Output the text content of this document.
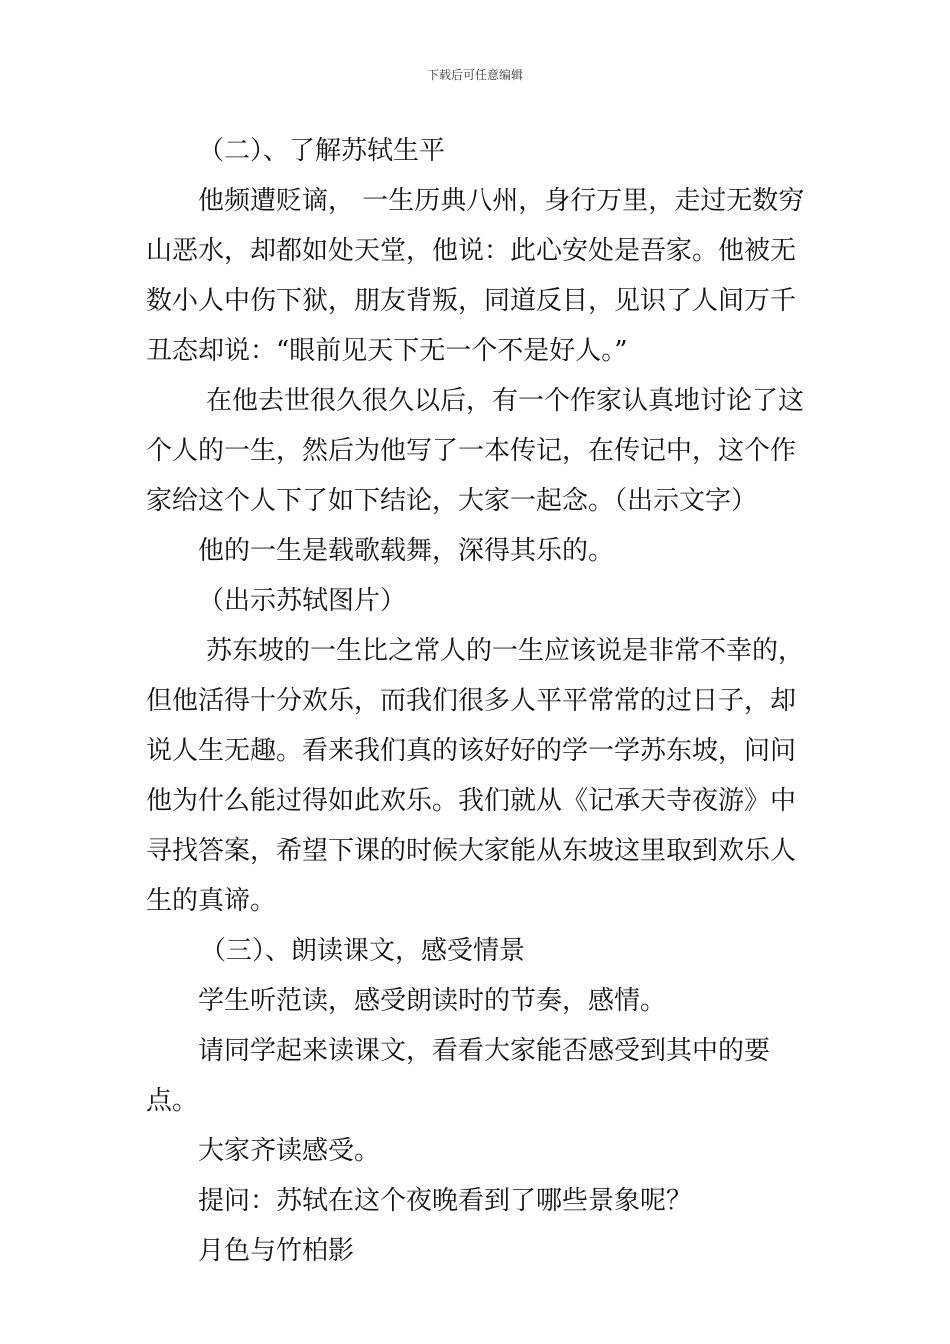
下载后可任意编辑

（二）、了解苏轼生平

他频遭贬谪， 一生历典八州，身行万里，走过无数穷山恶水，却都如处天堂，他说：此心安处是吾家。他被无数小人中伤下狱，朋友背叛，同道反目，见识了人间万千丑态却说：“眼前见天下无一个不是好人。”

在他去世很久很久以后，有一个作家认真地讨论了这个人的一生，然后为他写了一本传记，在传记中，这个作家给这个人下了如下结论，大家一起念。（出示文字）

他的一生是载歌载舞，深得其乐的。

（出示苏轼图片）

苏东坡的一生比之常人的一生应该说是非常不幸的，但他活得十分欢乐，而我们很多人平平常常的过日子，却说人生无趣。看来我们真的该好好的学一学苏东坡，问问他为什么能过得如此欢乐。我们就从《记承天寺夜游》中寻找答案，希望下课的时候大家能从东坡这里取到欢乐人生的真谛。

（三）、朗读课文，感受情景

学生听范读，感受朗读时的节奏，感情。

请同学起来读课文，看看大家能否感受到其中的要点。

大家齐读感受。

提问：苏轼在这个夜晚看到了哪些景象呢？

月色与竹柏影
